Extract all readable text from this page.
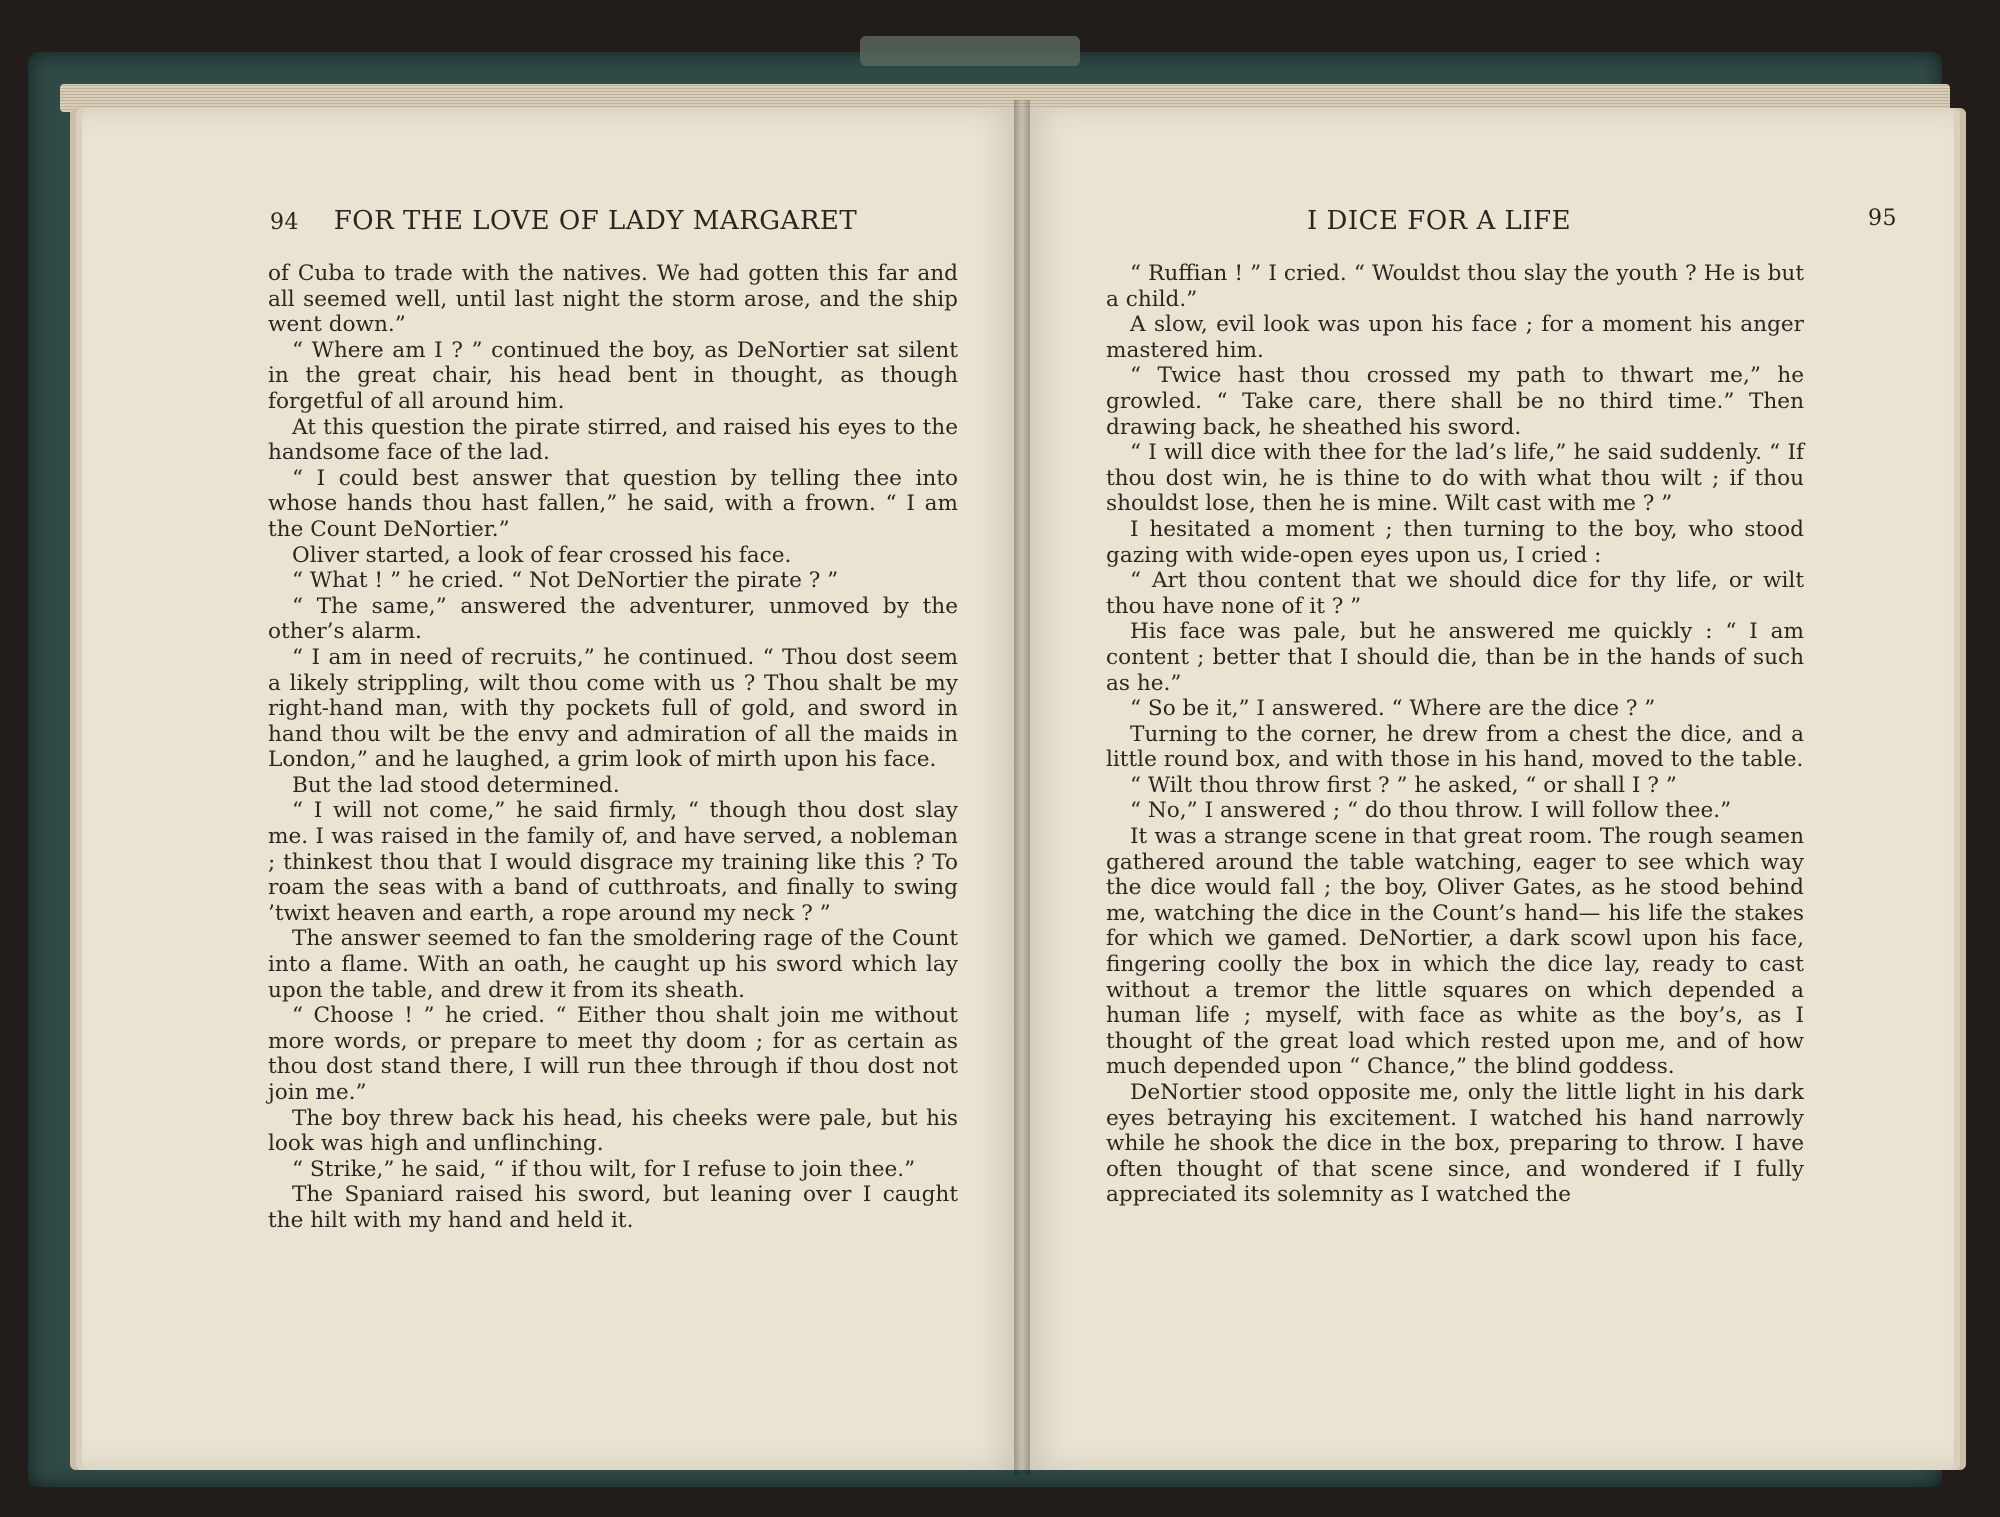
94 FOR THE LOVE OF LADY MARGARET

of Cuba to trade with the natives. We had gotten this far and all seemed well, until last night the storm arose, and the ship went down.”

“ Where am I ? ” continued the boy, as DeNortier sat silent in the great chair, his head bent in thought, as though forgetful of all around him.

At this question the pirate stirred, and raised his eyes to the handsome face of the lad.

“ I could best answer that question by telling thee into whose hands thou hast fallen,” he said, with a frown. “ I am the Count DeNortier.”

Oliver started, a look of fear crossed his face.

“ What ! ” he cried. “ Not DeNortier the pirate ? ”

“ The same,” answered the adventurer, unmoved by the other’s alarm.

“ I am in need of recruits,” he continued. “ Thou dost seem a likely strippling, wilt thou come with us ? Thou shalt be my right-hand man, with thy pockets full of gold, and sword in hand thou wilt be the envy and admiration of all the maids in London,” and he laughed, a grim look of mirth upon his face.

But the lad stood determined.

“ I will not come,” he said firmly, “ though thou dost slay me. I was raised in the family of, and have served, a nobleman ; thinkest thou that I would disgrace my training like this ? To roam the seas with a band of cutthroats, and finally to swing ’twixt heaven and earth, a rope around my neck ? ”

The answer seemed to fan the smoldering rage of the Count into a flame. With an oath, he caught up his sword which lay upon the table, and drew it from its sheath.

“ Choose ! ” he cried. “ Either thou shalt join me without more words, or prepare to meet thy doom ; for as certain as thou dost stand there, I will run thee through if thou dost not join me.”

The boy threw back his head, his cheeks were pale, but his look was high and unflinching.

“ Strike,” he said, “ if thou wilt, for I refuse to join thee.”

The Spaniard raised his sword, but leaning over I caught the hilt with my hand and held it.

I DICE FOR A LIFE	95

“ Ruffian ! ” I cried. “ Wouldst thou slay the youth ? He is but a child.”

A slow, evil look was upon his face ; for a moment his anger mastered him.

“ Twice hast thou crossed my path to thwart me,” he growled. “ Take care, there shall be no third time.” Then drawing back, he sheathed his sword.

“ I will dice with thee for the lad’s life,” he said suddenly. “ If thou dost win, he is thine to do with what thou wilt ; if thou shouldst lose, then he is mine. Wilt cast with me ? ”

I hesitated a moment ; then turning to the boy, who stood gazing with wide-open eyes upon us, I cried :

“ Art thou content that we should dice for thy life, or wilt thou have none of it ? ”

His face was pale, but he answered me quickly : “ I am content ; better that I should die, than be in the hands of such as he.”

“ So be it,” I answered. “ Where are the dice ? ”

Turning to the corner, he drew from a chest the dice, and a little round box, and with those in his hand, moved to the table.

“ Wilt thou throw first ? ” he asked, “ or shall I ? ”

“ No,” I answered ; “ do thou throw. I will follow thee.”

It was a strange scene in that great room. The rough seamen gathered around the table watching, eager to see which way the dice would fall ; the boy, Oliver Gates, as he stood behind me, watching the dice in the Count’s hand— his life the stakes for which we gamed. DeNortier, a dark scowl upon his face, fingering coolly the box in which the dice lay, ready to cast without a tremor the little squares on which depended a human life ; myself, with face as white as the boy’s, as I thought of the great load which rested upon me, and of how much depended upon “ Chance,” the blind goddess.

DeNortier stood opposite me, only the little light in his dark eyes betraying his excitement. I watched his hand narrowly while he shook the dice in the box, preparing to throw. I have often thought of that scene since, and wondered if I fully appreciated its solemnity as I watched the
